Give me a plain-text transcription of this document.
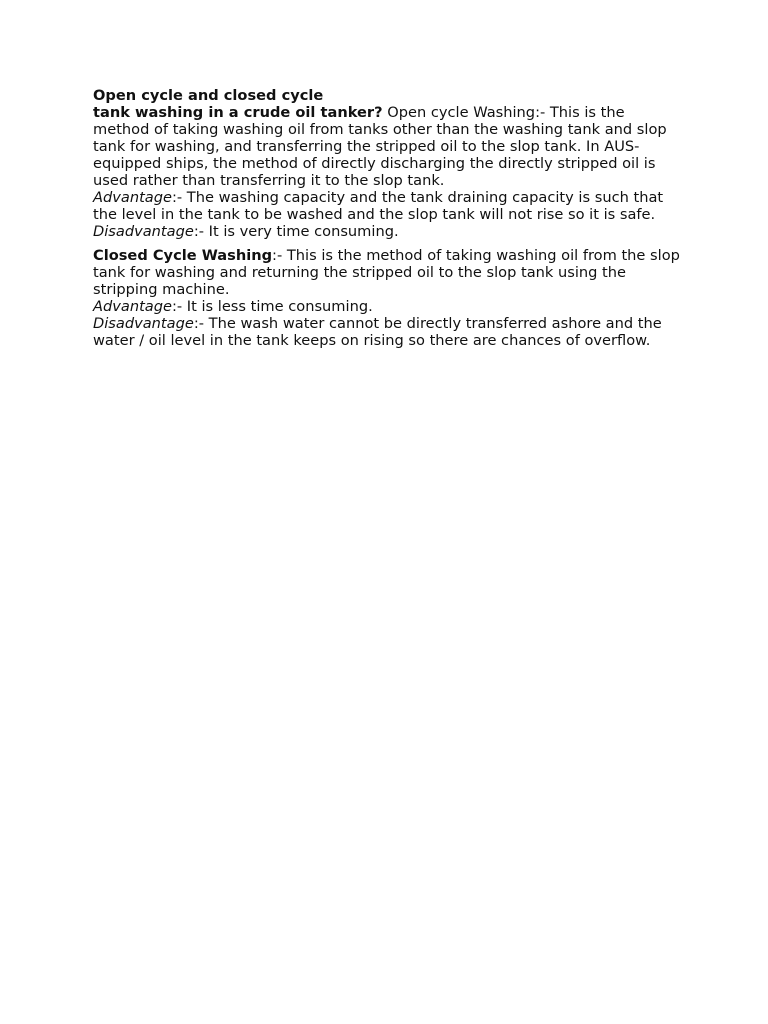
Open cycle and closed cycle

tank washing in a crude oil tanker? Open cycle Washing:- This is the method of taking washing oil from tanks other than the washing tank and slop tank for washing, and transferring the stripped oil to the slop tank. In AUS-equipped ships, the method of directly discharging the directly stripped oil is used rather than transferring it to the slop tank.

Advantage:- The washing capacity and the tank draining capacity is such that the level in the tank to be washed and the slop tank will not rise so it is safe.

Disadvantage:- It is very time consuming.

Closed Cycle Washing:- This is the method of taking washing oil from the slop tank for washing and returning the stripped oil to the slop tank using the stripping machine.

Advantage:- It is less time consuming.

Disadvantage:- The wash water cannot be directly transferred ashore and the water / oil level in the tank keeps on rising so there are chances of overflow.
